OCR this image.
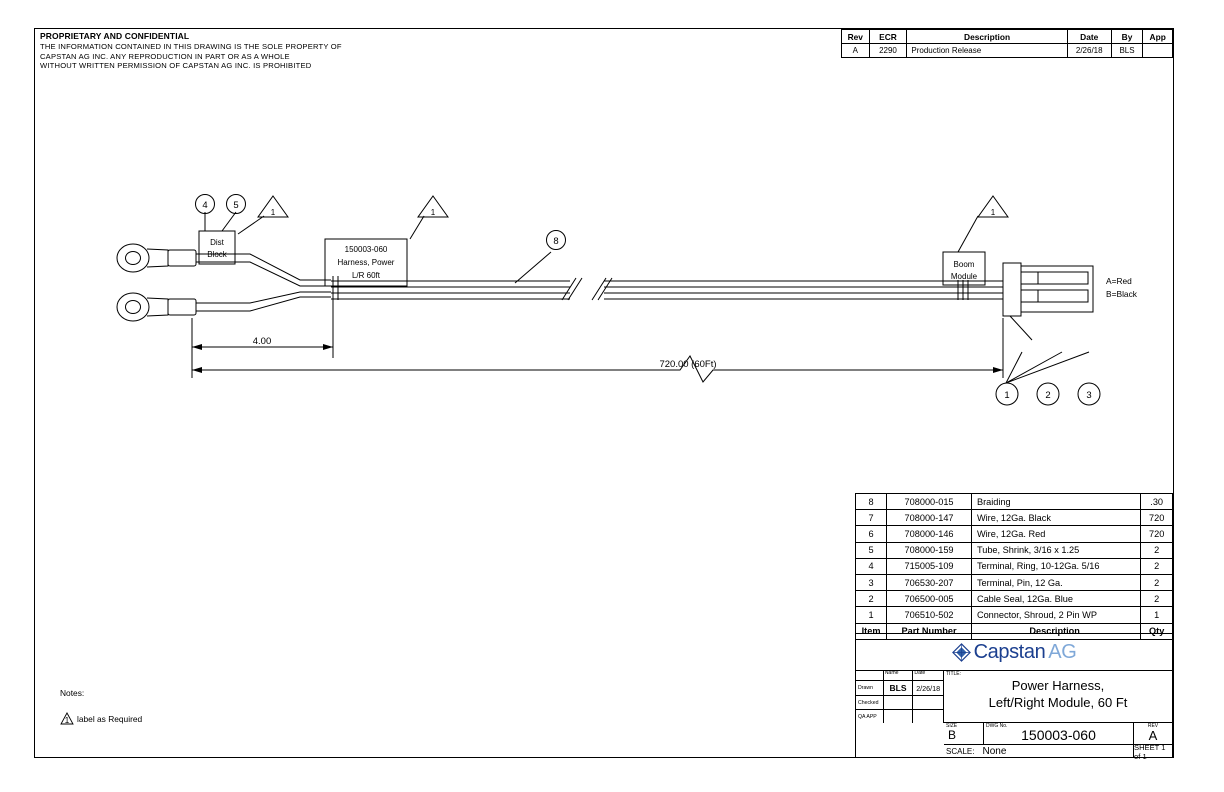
PROPRIETARY AND CONFIDENTIAL
THE INFORMATION CONTAINED IN THIS DRAWING IS THE SOLE PROPERTY OF
CAPSTAN AG INC. ANY REPRODUCTION IN PART OR AS A WHOLE
WITHOUT WRITTEN PERMISSION OF CAPSTAN AG INC. IS PROHIBITED
Rev	ECR	Description	Date	By	App
A	2290	Production Release	2/26/18	BLS	
8	708000-015	Braiding	.30
7	708000-147	Wire, 12Ga. Black	720
6	708000-146	Wire, 12Ga. Red	720
5	708000-159	Tube, Shrink, 3/16 x 1.25	2
4	715005-109	Terminal, Ring, 10-12Ga. 5/16	2
3	706530-207	Terminal, Pin, 12 Ga.	2
2	706500-005	Cable Seal, 12Ga. Blue	2
1	706510-502	Connector, Shroud, 2 Pin WP	1
Item	Part Number	Description	Qty
Capstan AG
Name	Date
Drawn	BLS	2/26/18
Checked
QA APP
TITLE:
Power Harness,
Left/Right Module, 60 Ft
SIZE
B
DWG No.
150003-060
REV
A
SCALE: None	SHEET 1 of 1
Notes:
1 label as Required
1	1	1
4	5
8
1	2	3
Dist
Block
150003-060
Harness, Power
L/R 60ft
Boom
Module	A=Red
B=Black
4.00
720.00 (60Ft)
